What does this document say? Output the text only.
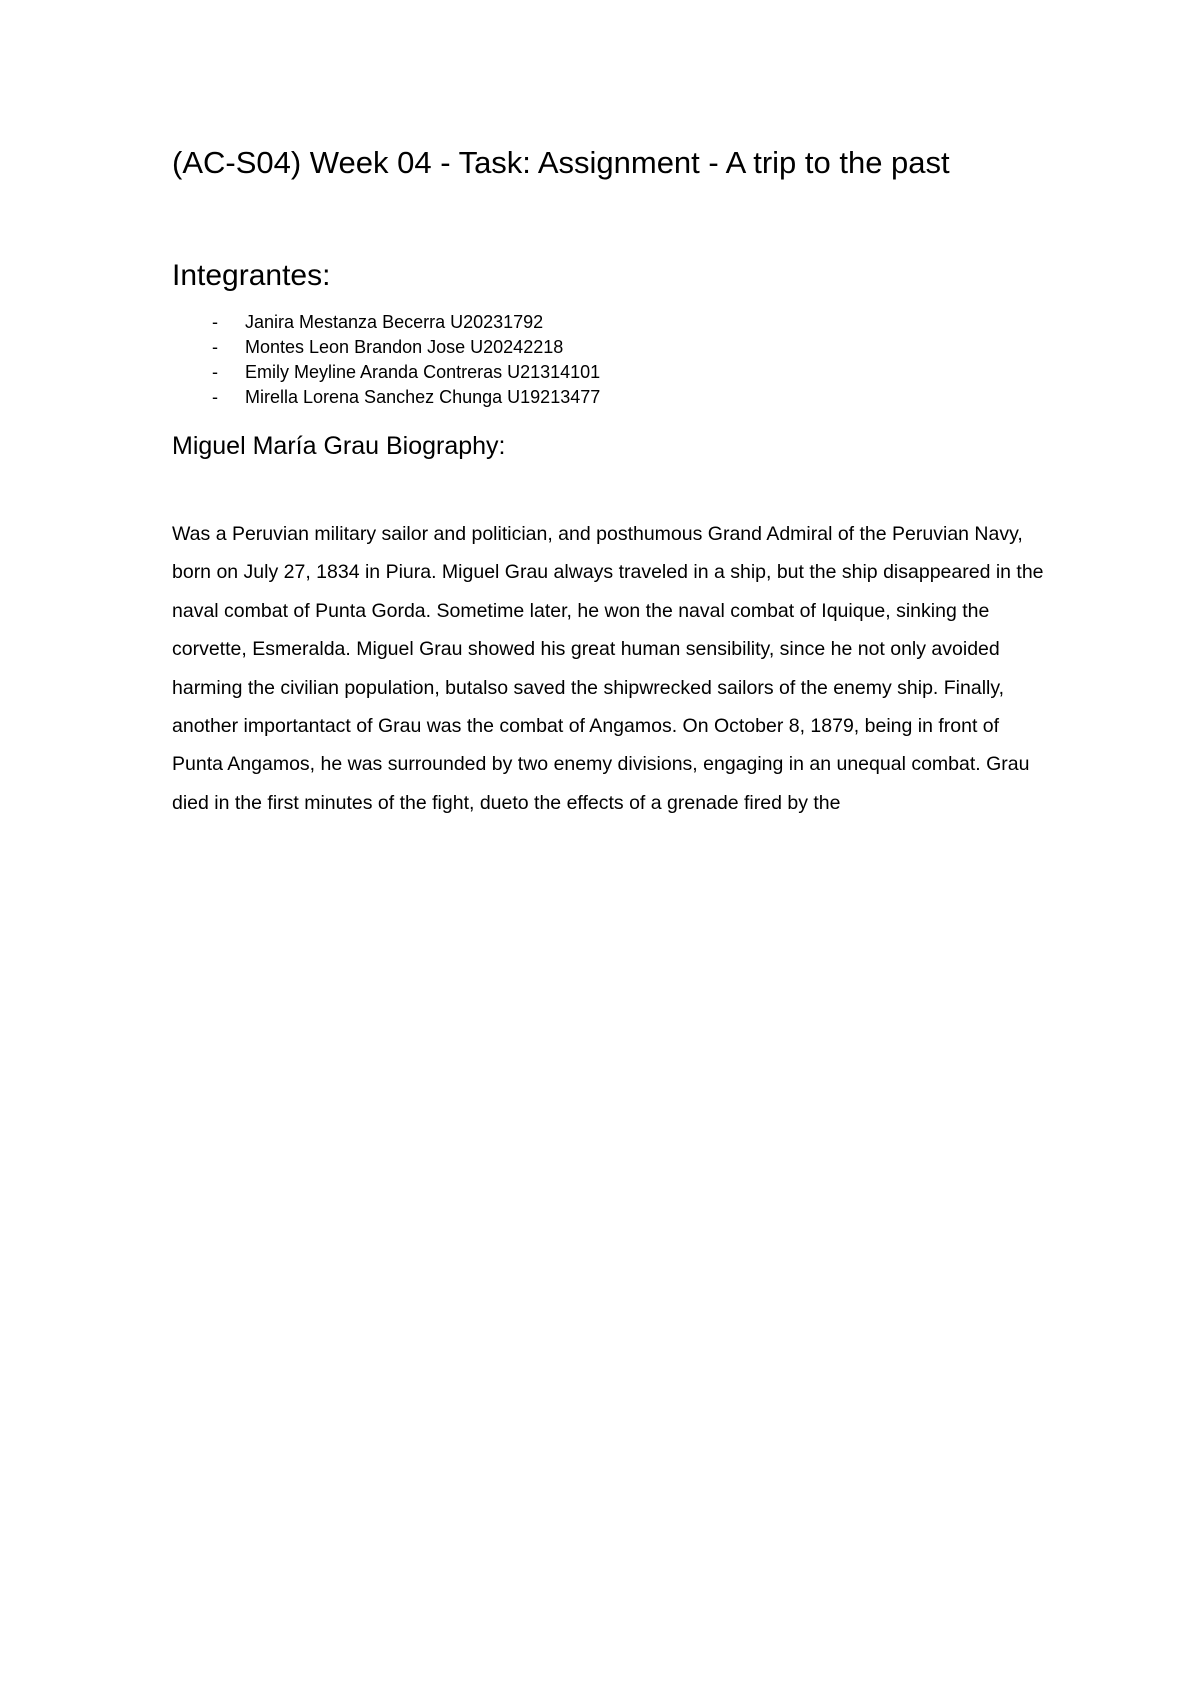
(AC-S04) Week 04 - Task: Assignment - A trip to the past
Integrantes:
- Janira Mestanza Becerra U20231792
- Montes Leon Brandon Jose U20242218
- Emily Meyline Aranda Contreras U21314101
- Mirella Lorena Sanchez Chunga U19213477
Miguel María Grau Biography:

Was a Peruvian military sailor and politician, and posthumous Grand Admiral of the Peruvian Navy, born on July 27, 1834 in Piura. Miguel Grau always traveled in a ship, but the ship disappeared in the naval combat of Punta Gorda. Sometime later, he won the naval combat of Iquique, sinking the corvette, Esmeralda. Miguel Grau showed his great human sensibility, since he not only avoided harming the civilian population, butalso saved the shipwrecked sailors of the enemy ship. Finally, another importantact of Grau was the combat of Angamos. On October 8, 1879, being in front of Punta Angamos, he was surrounded by two enemy divisions, engaging in an unequal combat. Grau died in the first minutes of the fight, dueto the effects of a grenade fired by the
